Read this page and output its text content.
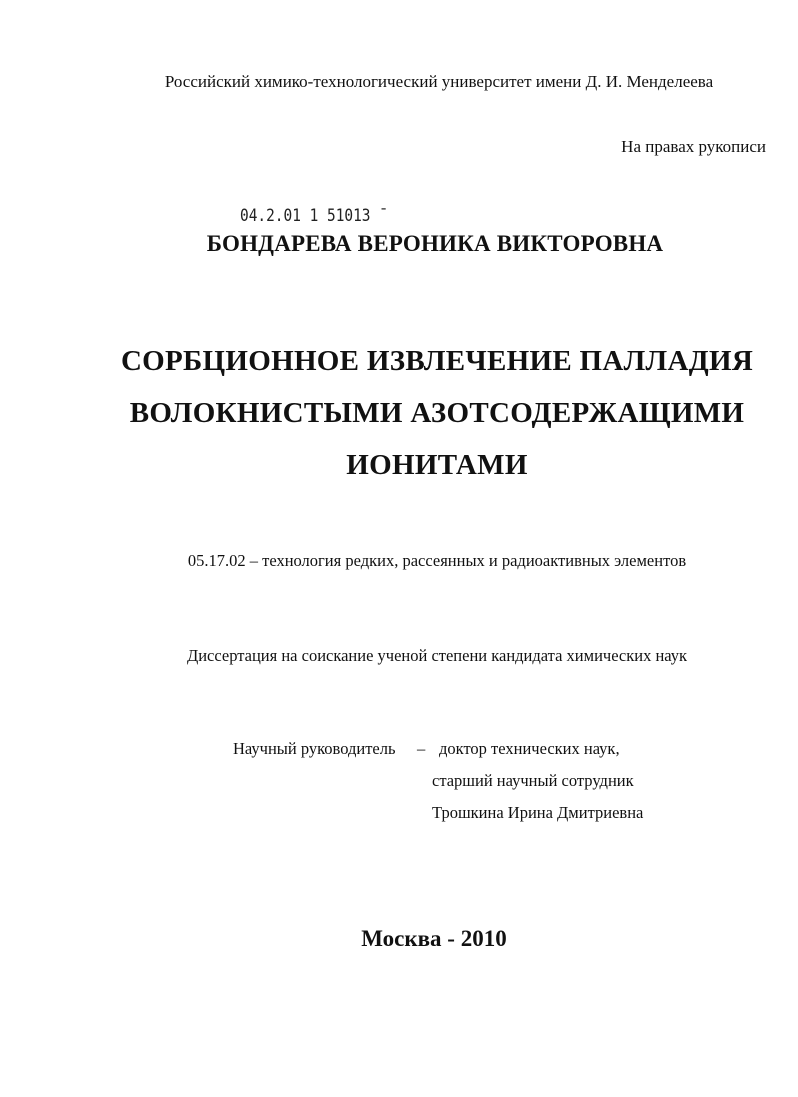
Российский химико-технологический университет имени Д. И. Менделеева
На правах рукописи
04.2.01 1 51013 ˉ
БОНДАРЕВА ВЕРОНИКА ВИКТОРОВНА
СОРБЦИОННОЕ ИЗВЛЕЧЕНИЕ ПАЛЛАДИЯ
ВОЛОКНИСТЫМИ АЗОТСОДЕРЖАЩИМИ
ИОНИТАМИ
05.17.02 – технология редких, рассеянных и радиоактивных элементов
Диссертация на соискание ученой степени кандидата химических наук
Научный руководитель – доктор технических наук,
старший научный сотрудник
Трошкина Ирина Дмитриевна
Москва - 2010
